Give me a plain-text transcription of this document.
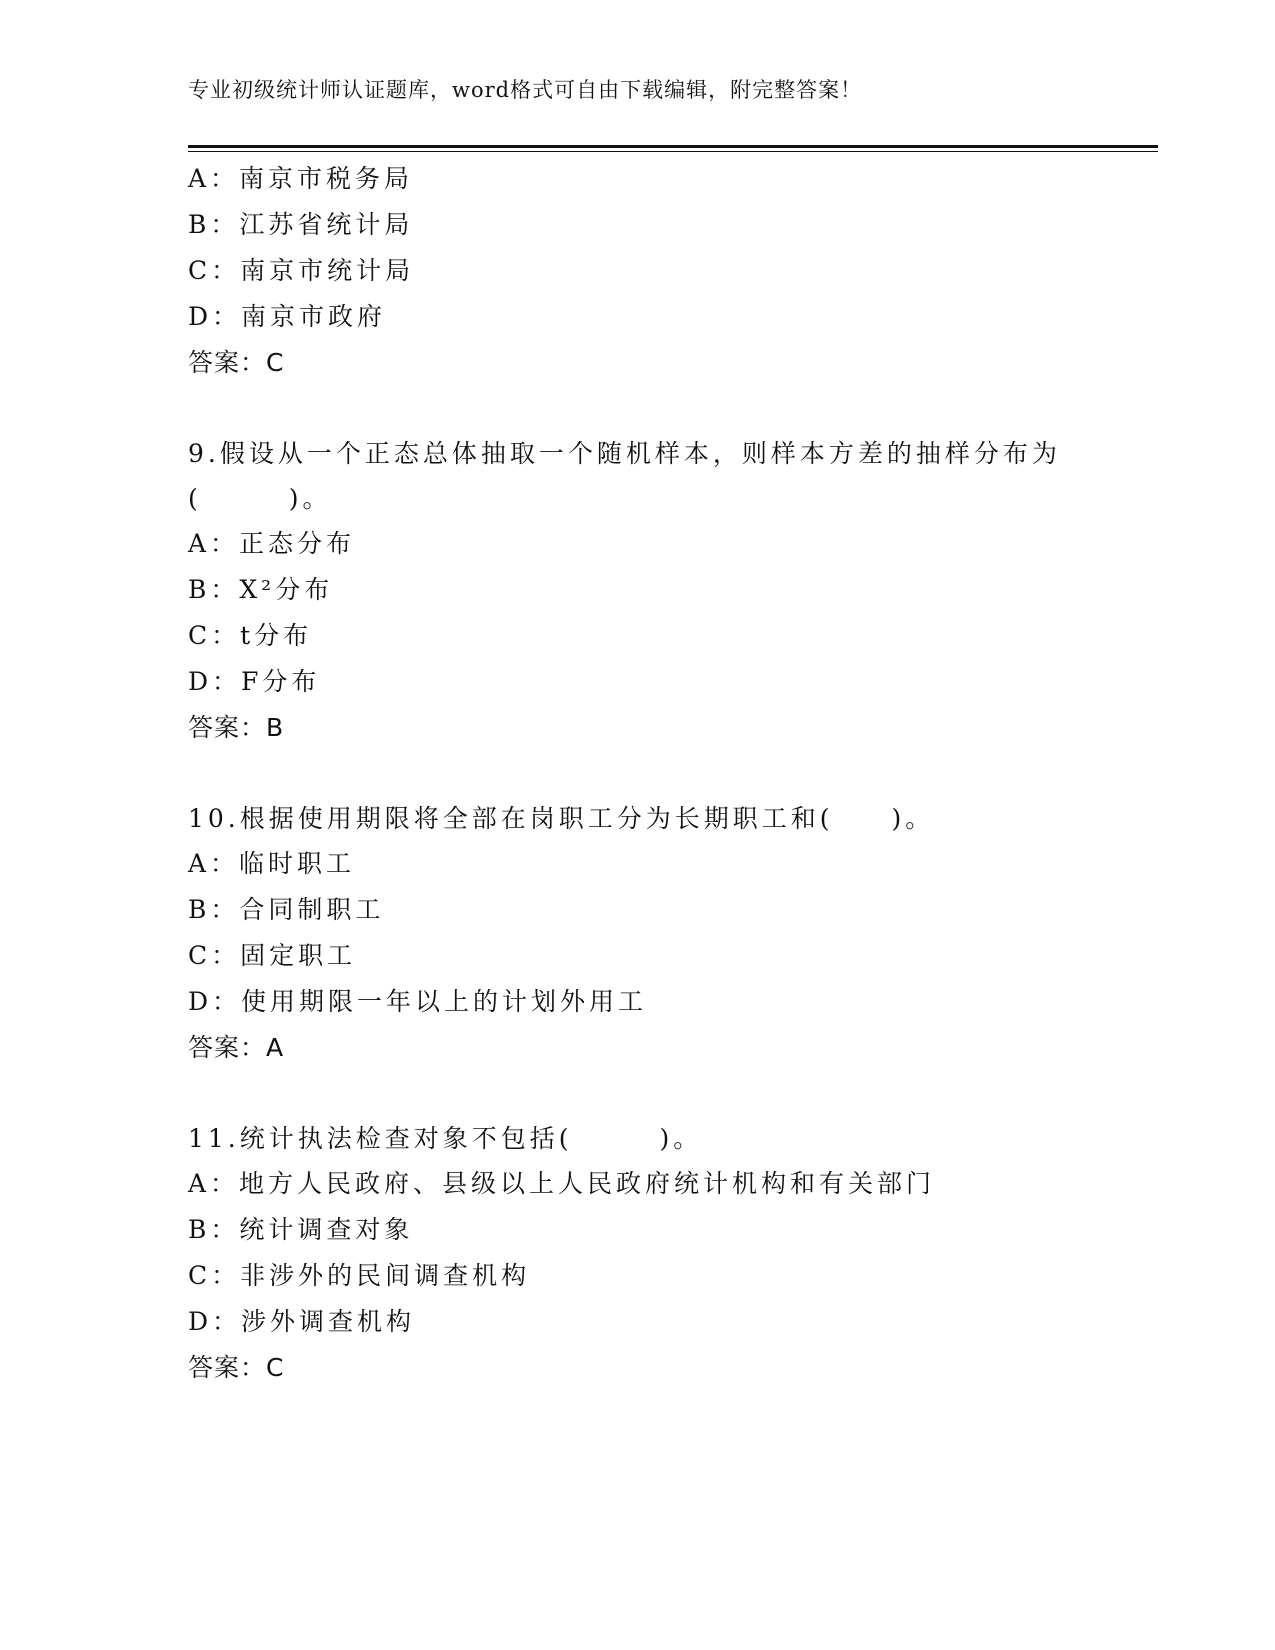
专业初级统计师认证题库，word格式可自由下载编辑，附完整答案！
A：南京市税务局
B：江苏省统计局
C：南京市统计局
D：南京市政府
答案：C
9.假设从一个正态总体抽取一个随机样本，则样本方差的抽样分布为
(　　　)。
A：正态分布
B：X²分布
C：t分布
D：F分布
答案：B
10.根据使用期限将全部在岗职工分为长期职工和(　　)。
A：临时职工
B：合同制职工
C：固定职工
D：使用期限一年以上的计划外用工
答案：A
11.统计执法检查对象不包括(　　　)。
A：地方人民政府、县级以上人民政府统计机构和有关部门
B：统计调查对象
C：非涉外的民间调查机构
D：涉外调查机构
答案：C
